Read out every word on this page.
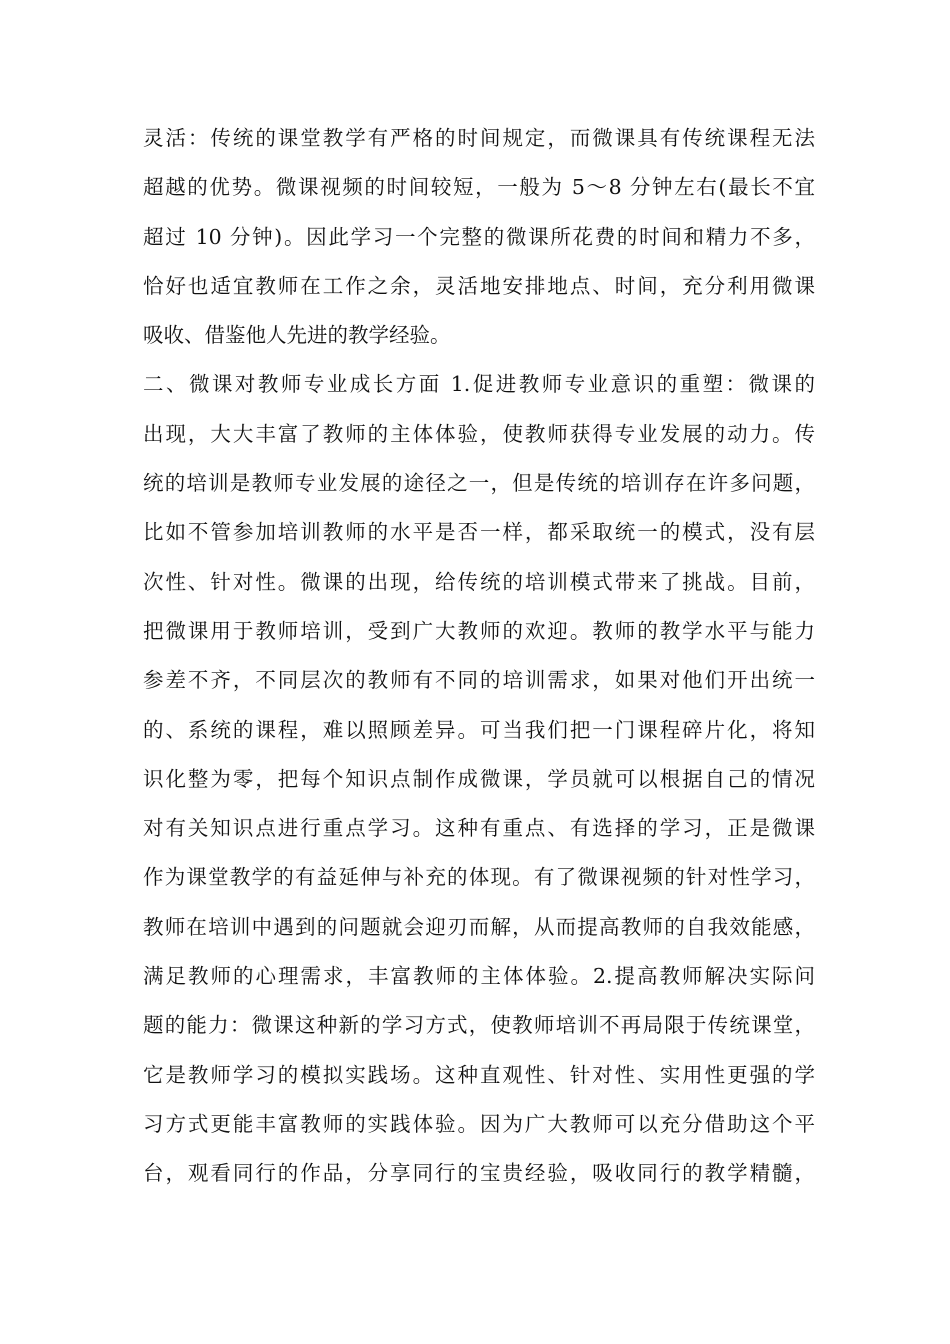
灵活：传统的课堂教学有严格的时间规定，而微课具有传统课程无法
超越的优势。微课视频的时间较短，一般为 5～8 分钟左右(最长不宜
超过 10 分钟)。因此学习一个完整的微课所花费的时间和精力不多，
恰好也适宜教师在工作之余，灵活地安排地点、时间，充分利用微课
吸收、借鉴他人先进的教学经验。
二、微课对教师专业成长方面 1.促进教师专业意识的重塑：微课的
出现，大大丰富了教师的主体体验，使教师获得专业发展的动力。传
统的培训是教师专业发展的途径之一，但是传统的培训存在许多问题，
比如不管参加培训教师的水平是否一样，都采取统一的模式，没有层
次性、针对性。微课的出现，给传统的培训模式带来了挑战。目前，
把微课用于教师培训，受到广大教师的欢迎。教师的教学水平与能力
参差不齐，不同层次的教师有不同的培训需求，如果对他们开出统一
的、系统的课程，难以照顾差异。可当我们把一门课程碎片化，将知
识化整为零，把每个知识点制作成微课，学员就可以根据自己的情况
对有关知识点进行重点学习。这种有重点、有选择的学习，正是微课
作为课堂教学的有益延伸与补充的体现。有了微课视频的针对性学习，
教师在培训中遇到的问题就会迎刃而解，从而提高教师的自我效能感，
满足教师的心理需求，丰富教师的主体体验。2.提高教师解决实际问
题的能力：微课这种新的学习方式，使教师培训不再局限于传统课堂，
它是教师学习的模拟实践场。这种直观性、针对性、实用性更强的学
习方式更能丰富教师的实践体验。因为广大教师可以充分借助这个平
台，观看同行的作品，分享同行的宝贵经验，吸收同行的教学精髓，
